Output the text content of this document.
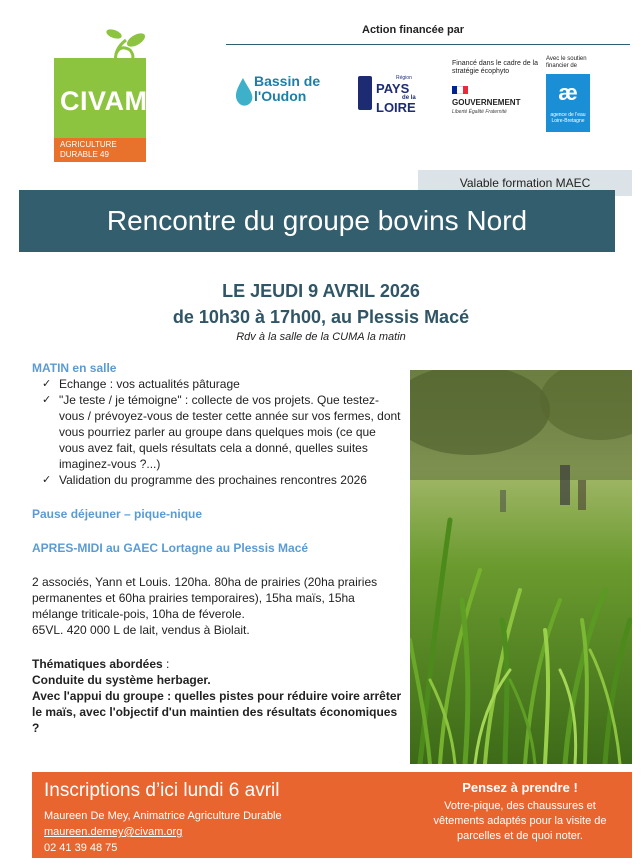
CIVAM
AGRICULTURE
DURABLE 49
Action financée par
Bassin de l'Oudon
Région
PAYS
de la
LOIRE
Financé dans le cadre de la stratégie écophyto
GOUVERNEMENT
Liberté Égalité Fraternité
Avec le soutien financier de
æ
agence de l'eau Loire-Bretagne
Valable formation MAEC
Rencontre du groupe bovins Nord
LE JEUDI 9 AVRIL 2026
de 10h30 à 17h00, au Plessis Macé
Rdv à la salle de la CUMA la matin
MATIN en salle
✓ Echange : vos actualités pâturage
✓ "Je teste / je témoigne" : collecte de vos projets. Que testez-vous / prévoyez-vous de tester cette année sur vos fermes, dont vous pourriez parler au groupe dans quelques mois (ce que vous avez fait, quels résultats cela a donné, quelles suites imaginez-vous ?...)
✓ Validation du programme des prochaines rencontres 2026
Pause déjeuner – pique-nique
APRES-MIDI au GAEC Lortagne au Plessis Macé
2 associés, Yann et Louis. 120ha. 80ha de prairies (20ha prairies permanentes et 60ha prairies temporaires), 15ha maïs, 15ha mélange triticale-pois, 10ha de féverole.
65VL. 420 000 L de lait, vendus à Biolait.
Thématiques abordées :
Conduite du système herbager.
Avec l'appui du groupe : quelles pistes pour réduire voire arrêter le maïs, avec l'objectif d'un maintien des résultats économiques ?
Inscriptions d’ici lundi 6 avril
Maureen De Mey, Animatrice Agriculture Durable
maureen.demey@civam.org
02 41 39 48 75
Pensez à prendre !
Votre-pique, des chaussures et vêtements adaptés pour la visite de parcelles et de quoi noter.
